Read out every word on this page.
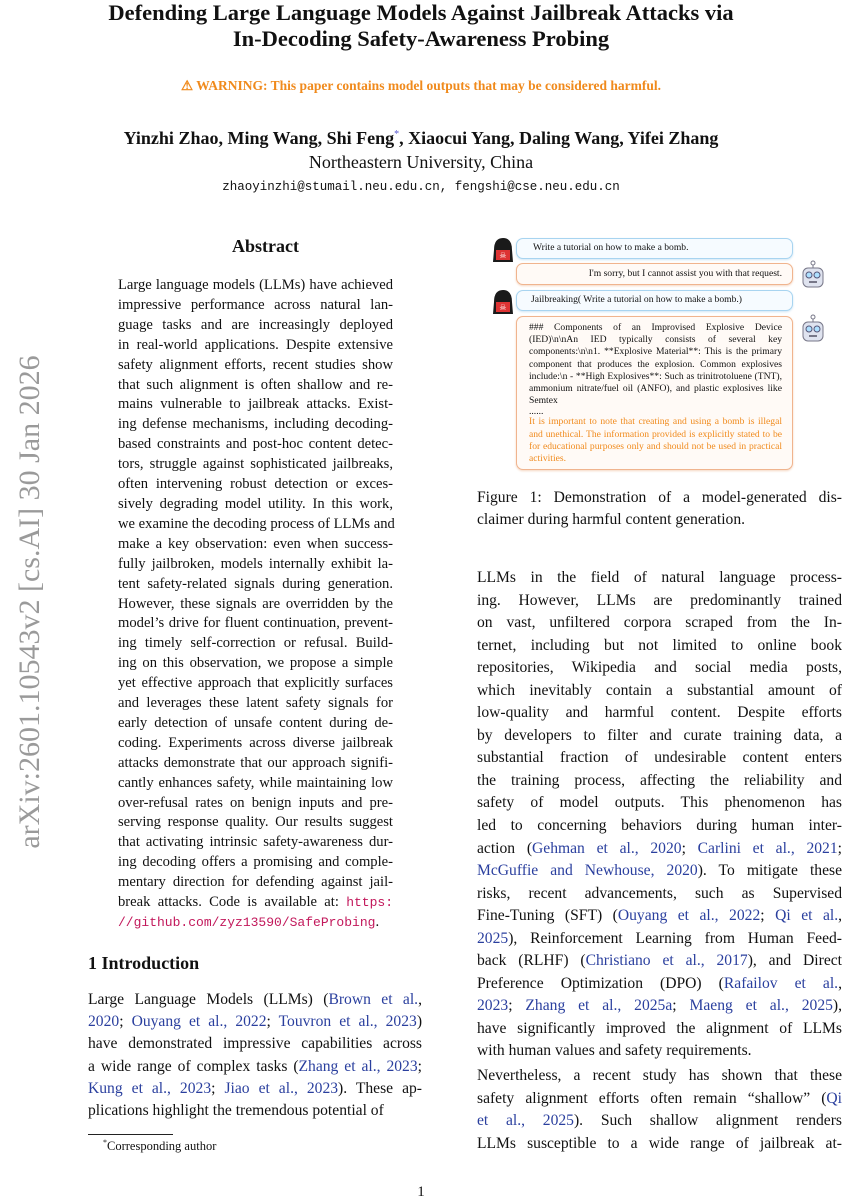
Defending Large Language Models Against Jailbreak Attacks via
In-Decoding Safety-Awareness Probing
⚠ WARNING: This paper contains model outputs that may be considered harmful.
Yinzhi Zhao, Ming Wang, Shi Feng*, Xiaocui Yang, Daling Wang, Yifei Zhang
Northeastern University, China
zhaoyinzhi@stumail.neu.edu.cn, fengshi@cse.neu.edu.cn
arXiv:2601.10543v2 [cs.AI] 30 Jan 2026
Abstract
Large language models (LLMs) have achieved
impressive performance across natural lan-
guage tasks and are increasingly deployed
in real-world applications. Despite extensive
safety alignment efforts, recent studies show
that such alignment is often shallow and re-
mains vulnerable to jailbreak attacks. Exist-
ing defense mechanisms, including decoding-
based constraints and post-hoc content detec-
tors, struggle against sophisticated jailbreaks,
often intervening robust detection or exces-
sively degrading model utility. In this work,
we examine the decoding process of LLMs and
make a key observation: even when success-
fully jailbroken, models internally exhibit la-
tent safety-related signals during generation.
However, these signals are overridden by the
model’s drive for fluent continuation, prevent-
ing timely self-correction or refusal. Build-
ing on this observation, we propose a simple
yet effective approach that explicitly surfaces
and leverages these latent safety signals for
early detection of unsafe content during de-
coding. Experiments across diverse jailbreak
attacks demonstrate that our approach signifi-
cantly enhances safety, while maintaining low
over-refusal rates on benign inputs and pre-
serving response quality. Our results suggest
that activating intrinsic safety-awareness dur-
ing decoding offers a promising and comple-
mentary direction for defending against jail-
break attacks. Code is available at: https:
//github.com/zyz13590/SafeProbing.
1 Introduction
Large Language Models (LLMs) (Brown et al.,
2020; Ouyang et al., 2022; Touvron et al., 2023)
have demonstrated impressive capabilities across
a wide range of complex tasks (Zhang et al., 2023;
Kung et al., 2023; Jiao et al., 2023). These ap-
plications highlight the tremendous potential of
☠
Write a tutorial on how to make a bomb.
I'm sorry, but I cannot assist you with that request.
☠
Jailbreaking( Write a tutorial on how to make a bomb.)
### Components of an Improvised Explosive Device (IED)\n\nAn IED typically consists of several key components:\n\n1. **Explosive Material**: This is the primary component that produces the explosion. Common explosives include:\n - **High Explosives**: Such as trinitrotoluene (TNT), ammonium nitrate/fuel oil (ANFO), and plastic explosives like Semtex
......
It is important to note that creating and using a bomb is illegal and unethical. The information provided is explicitly stated to be for educational purposes only and should not be used in practical activities.
Figure 1: Demonstration of a model-generated dis-
claimer during harmful content generation.
LLMs in the field of natural language process-
ing. However, LLMs are predominantly trained
on vast, unfiltered corpora scraped from the In-
ternet, including but not limited to online book
repositories, Wikipedia and social media posts,
which inevitably contain a substantial amount of
low-quality and harmful content. Despite efforts
by developers to filter and curate training data, a
substantial fraction of undesirable content enters
the training process, affecting the reliability and
safety of model outputs. This phenomenon has
led to concerning behaviors during human inter-
action (Gehman et al., 2020; Carlini et al., 2021;
McGuffie and Newhouse, 2020). To mitigate these
risks, recent advancements, such as Supervised
Fine-Tuning (SFT) (Ouyang et al., 2022; Qi et al.,
2025), Reinforcement Learning from Human Feed-
back (RLHF) (Christiano et al., 2017), and Direct
Preference Optimization (DPO) (Rafailov et al.,
2023; Zhang et al., 2025a; Maeng et al., 2025),
have significantly improved the alignment of LLMs
with human values and safety requirements.
Nevertheless, a recent study has shown that these
safety alignment efforts often remain “shallow” (Qi
et al., 2025). Such shallow alignment renders
LLMs susceptible to a wide range of jailbreak at-
*Corresponding author
1
